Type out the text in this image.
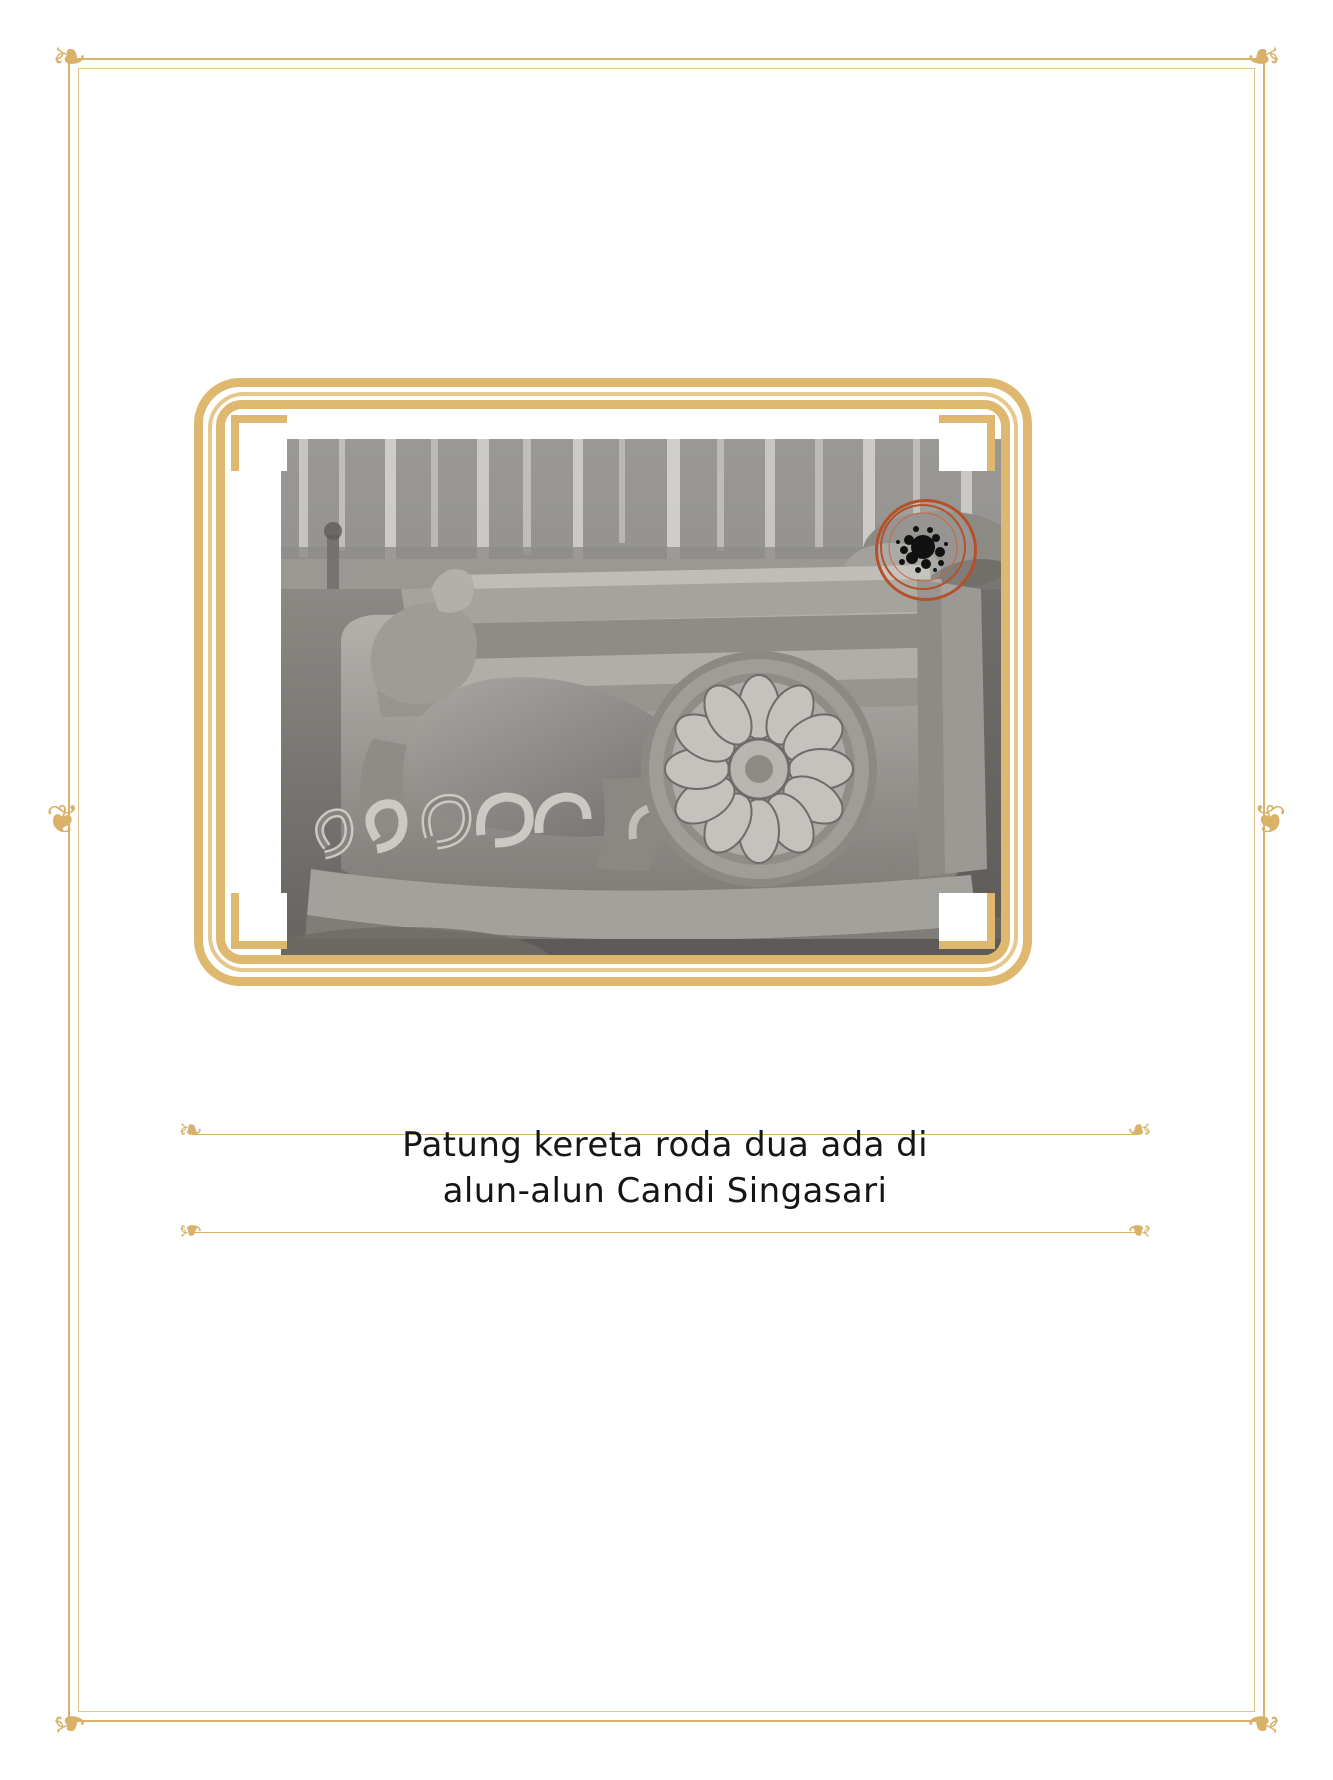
❧	❧
❧	❧
❦	❦
❧	❧
❧	❧
Patung kereta roda dua ada di
alun-alun Candi Singasari
